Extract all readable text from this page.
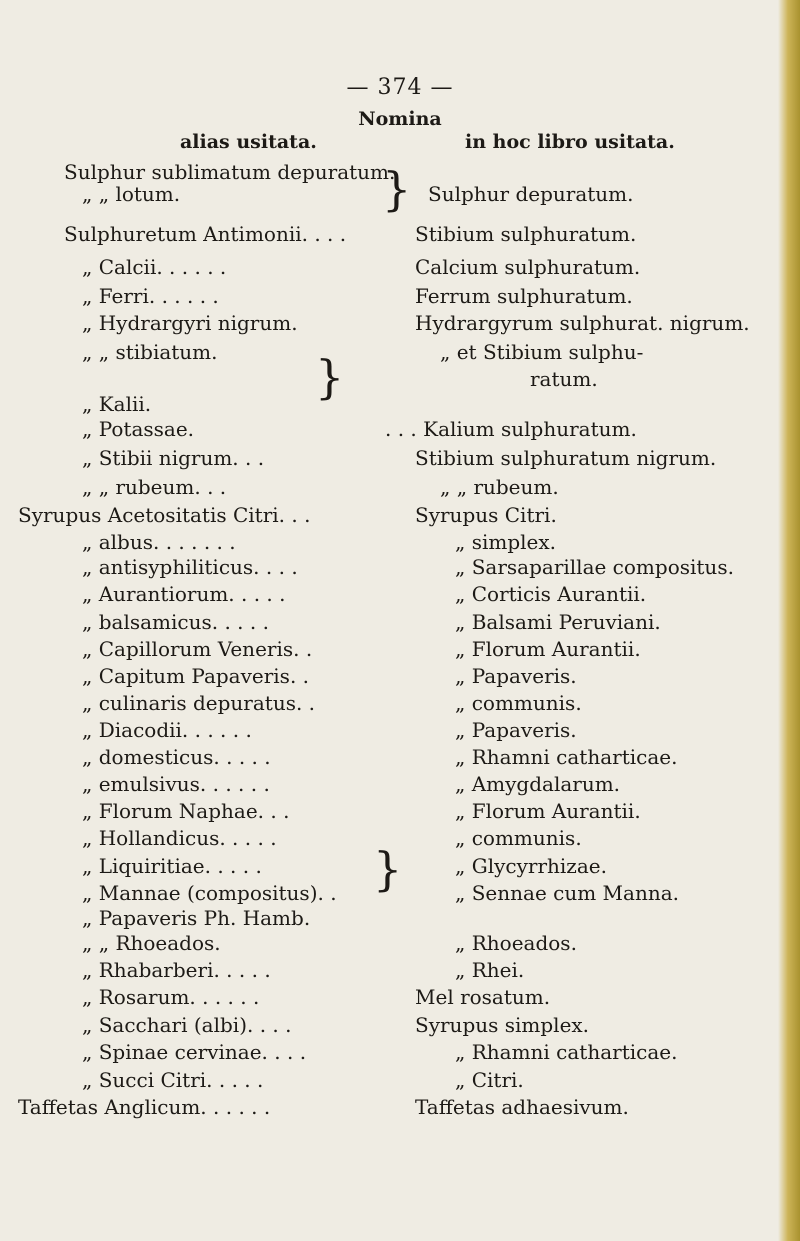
— 374 —
Nomina
alias usitata.	in hoc libro usitata.
Sulphur sublimatum depuratum.
„ „ lotum.	Sulphur depuratum.
Sulphuretum Antimonii. . . .	Stibium sulphuratum.
„ Calcii. . . . . .	Calcium sulphuratum.
„ Ferri. . . . . .	Ferrum sulphuratum.
„ Hydrargyri nigrum.	Hydrargyrum sulphurat. nigrum.
„ „ stibiatum.	„ et Stibium sulphu-
ratum.
„ Kalii.
„ Potassae.	. . . Kalium sulphuratum.
„ Stibii nigrum. . .	Stibium sulphuratum nigrum.
„ „ rubeum. . .	„ „ rubeum.
Syrupus Acetositatis Citri. . .	Syrupus Citri.
„ albus. . . . . . .	„ simplex.
„ antisyphiliticus. . . .	„ Sarsaparillae compositus.
„ Aurantiorum. . . . .	„ Corticis Aurantii.
„ balsamicus. . . . .	„ Balsami Peruviani.
„ Capillorum Veneris. .	„ Florum Aurantii.
„ Capitum Papaveris. .	„ Papaveris.
„ culinaris depuratus. .	„ communis.
„ Diacodii. . . . . .	„ Papaveris.
„ domesticus. . . . .	„ Rhamni catharticae.
„ emulsivus. . . . . .	„ Amygdalarum.
„ Florum Naphae. . .	„ Florum Aurantii.
„ Hollandicus. . . . .	„ communis.
„ Liquiritiae. . . . .	„ Glycyrrhizae.
„ Mannae (compositus). .	„ Sennae cum Manna.
„ Papaveris Ph. Hamb.
„ „ Rhoeados.	„ Rhoeados.
„ Rhabarberi. . . . .	„ Rhei.
„ Rosarum. . . . . .	Mel rosatum.
„ Sacchari (albi). . . .	Syrupus simplex.
„ Spinae cervinae. . . .	„ Rhamni catharticae.
„ Succi Citri. . . . .	„ Citri.
Taffetas Anglicum. . . . . .	Taffetas adhaesivum.
}
}
}
